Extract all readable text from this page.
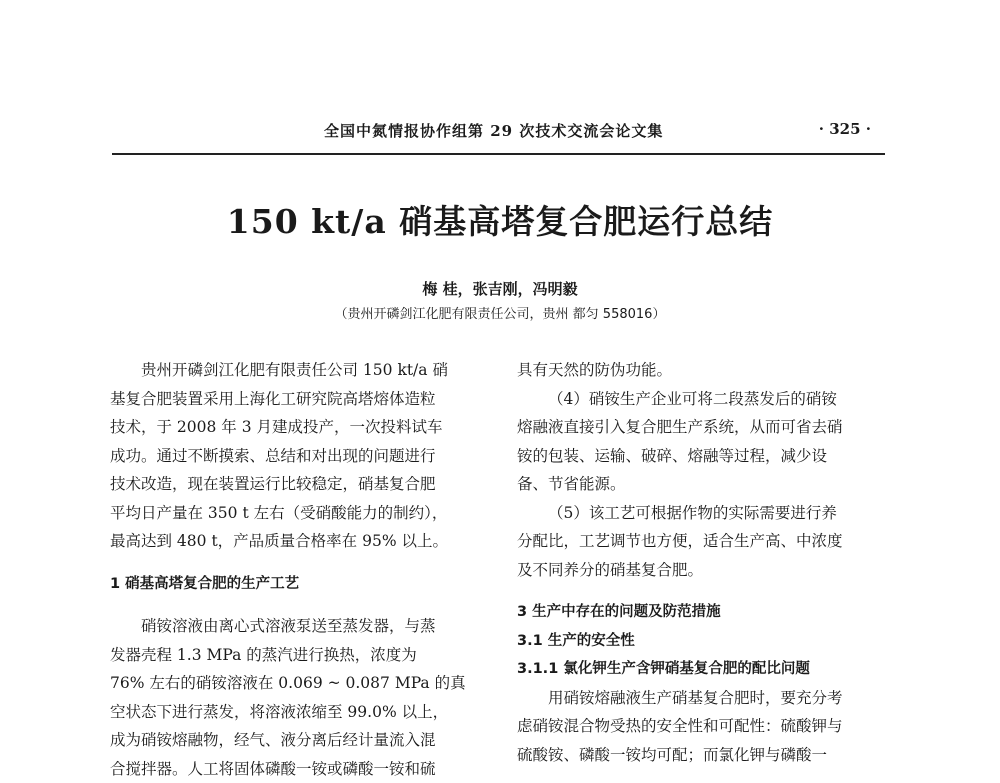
全国中氮情报协作组第 29 次技术交流会论文集	· 325 ·
150 kt/a 硝基高塔复合肥运行总结
梅 桂，张吉刚，冯明毅
（贵州开磷剑江化肥有限责任公司，贵州 都匀 558016）
贵州开磷剑江化肥有限责任公司 150 kt/a 硝
基复合肥装置采用上海化工研究院高塔熔体造粒
技术，于 2008 年 3 月建成投产，一次投料试车
成功。通过不断摸索、总结和对出现的问题进行
技术改造，现在装置运行比较稳定，硝基复合肥
平均日产量在 350 t 左右（受硝酸能力的制约），
最高达到 480 t，产品质量合格率在 95% 以上。
1 硝基高塔复合肥的生产工艺
硝铵溶液由离心式溶液泵送至蒸发器，与蒸
发器壳程 1.3 MPa 的蒸汽进行换热，浓度为
76% 左右的硝铵溶液在 0.069 ~ 0.087 MPa 的真
空状态下进行蒸发，将溶液浓缩至 99.0% 以上，
成为硝铵熔融物，经气、液分离后经计量流入混
合搅拌器。人工将固体磷酸一铵或磷酸一铵和硫
具有天然的防伪功能。
（4）硝铵生产企业可将二段蒸发后的硝铵
熔融液直接引入复合肥生产系统，从而可省去硝
铵的包装、运输、破碎、熔融等过程，减少设
备、节省能源。
（5）该工艺可根据作物的实际需要进行养
分配比，工艺调节也方便，适合生产高、中浓度
及不同养分的硝基复合肥。
3 生产中存在的问题及防范措施
3.1 生产的安全性
3.1.1 氯化钾生产含钾硝基复合肥的配比问题
用硝铵熔融液生产硝基复合肥时，要充分考
虑硝铵混合物受热的安全性和可配性：硫酸钾与
硫酸铵、磷酸一铵均可配；而氯化钾与磷酸一
